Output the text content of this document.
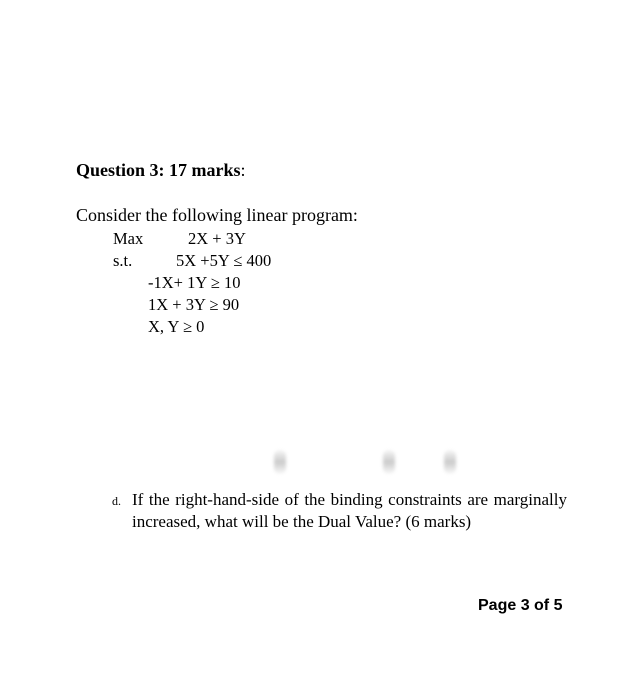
Question 3: 17 marks:
Consider the following linear program:
Max	2X + 3Y
s.t.	5X +5Y ≤ 400
-1X+ 1Y ≥ 10
1X + 3Y ≥ 90
X, Y ≥ 0
d. If the right-hand-side of the binding constraints are marginally increased, what will be the Dual Value? (6 marks)
Page 3 of 5
